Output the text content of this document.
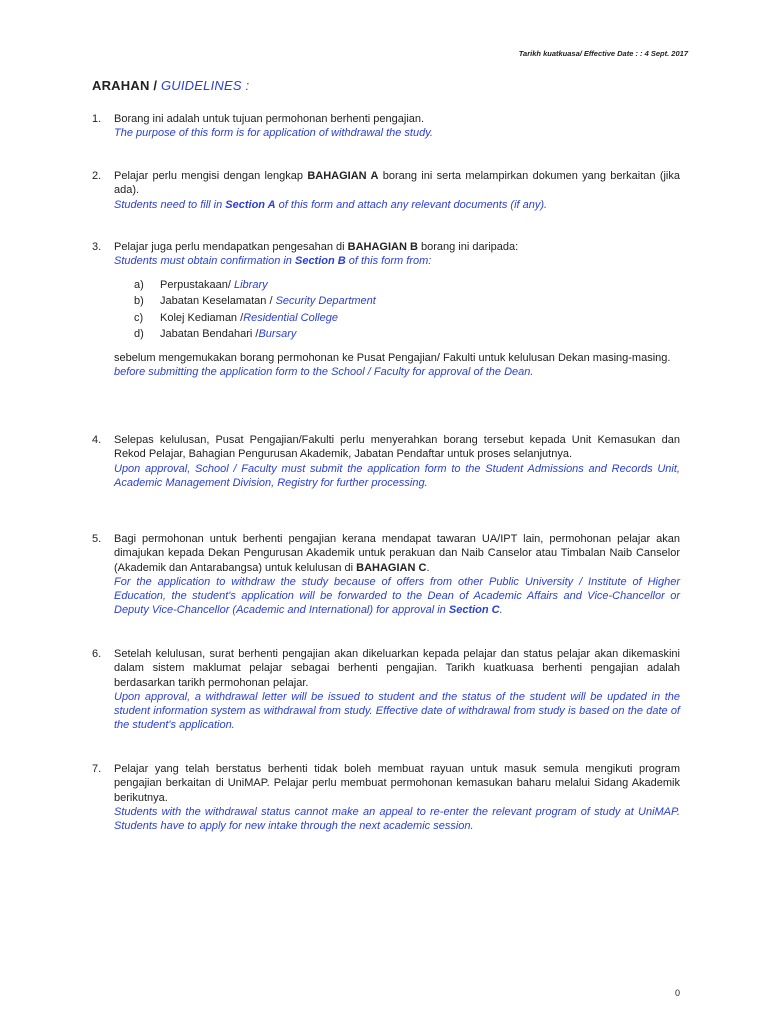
Tarikh kuatkuasa/ Effective Date : : 4 Sept. 2017
ARAHAN / GUIDELINES :
1. Borang ini adalah untuk tujuan permohonan berhenti pengajian.
The purpose of this form is for application of withdrawal the study.
2. Pelajar perlu mengisi dengan lengkap BAHAGIAN A borang ini serta melampirkan dokumen yang berkaitan (jika ada).
Students need to fill in Section A of this form and attach any relevant documents (if any).
3. Pelajar juga perlu mendapatkan pengesahan di BAHAGIAN B borang ini daripada:
Students must obtain confirmation in Section B of this form from:
a) Perpustakaan/ Library
b) Jabatan Keselamatan / Security Department
c) Kolej Kediaman /Residential College
d) Jabatan Bendahari /Bursary
sebelum mengemukakan borang permohonan ke Pusat Pengajian/ Fakulti untuk kelulusan Dekan masing-masing.
before submitting the application form to the School / Faculty for approval of the Dean.
4. Selepas kelulusan, Pusat Pengajian/Fakulti perlu menyerahkan borang tersebut kepada Unit Kemasukan dan Rekod Pelajar, Bahagian Pengurusan Akademik, Jabatan Pendaftar untuk proses selanjutnya.
Upon approval, School / Faculty must submit the application form to the Student Admissions and Records Unit, Academic Management Division, Registry for further processing.
5. Bagi permohonan untuk berhenti pengajian kerana mendapat tawaran UA/IPT lain, permohonan pelajar akan dimajukan kepada Dekan Pengurusan Akademik untuk perakuan dan Naib Canselor atau Timbalan Naib Canselor (Akademik dan Antarabangsa) untuk kelulusan di BAHAGIAN C.
For the application to withdraw the study because of offers from other Public University / Institute of Higher Education, the student's application will be forwarded to the Dean of Academic Affairs and Vice-Chancellor or Deputy Vice-Chancellor (Academic and International) for approval in Section C.
6. Setelah kelulusan, surat berhenti pengajian akan dikeluarkan kepada pelajar dan status pelajar akan dikemaskini dalam sistem maklumat pelajar sebagai berhenti pengajian. Tarikh kuatkuasa berhenti pengajian adalah berdasarkan tarikh permohonan pelajar.
Upon approval, a withdrawal letter will be issued to student and the status of the student will be updated in the student information system as withdrawal from study. Effective date of withdrawal from study is based on the date of the student's application.
7. Pelajar yang telah berstatus berhenti tidak boleh membuat rayuan untuk masuk semula mengikuti program pengajian berkaitan di UniMAP. Pelajar perlu membuat permohonan kemasukan baharu melalui Sidang Akademik berikutnya.
Students with the withdrawal status cannot make an appeal to re-enter the relevant program of study at UniMAP. Students have to apply for new intake through the next academic session.
0
